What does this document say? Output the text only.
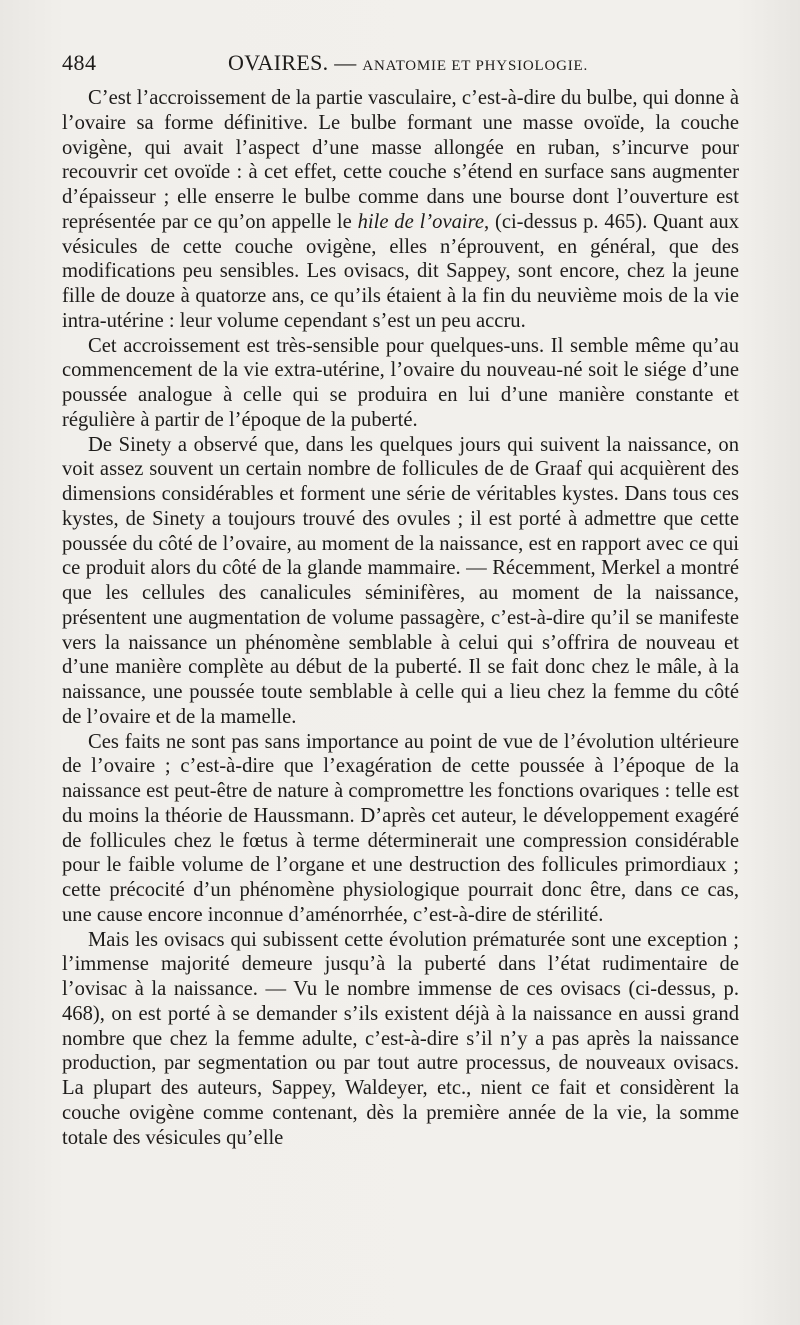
484	OVAIRES. — ANATOMIE ET PHYSIOLOGIE.

C’est l’accroissement de la partie vasculaire, c’est-à-dire du bulbe, qui donne à l’ovaire sa forme définitive. Le bulbe formant une masse ovoïde, la couche ovigène, qui avait l’aspect d’une masse allongée en ruban, s’incurve pour recouvrir cet ovoïde : à cet effet, cette couche s’étend en surface sans augmenter d’épaisseur ; elle enserre le bulbe comme dans une bourse dont l’ouverture est représentée par ce qu’on appelle le hile de l’ovaire, (ci-dessus p. 465). Quant aux vésicules de cette couche ovigène, elles n’éprouvent, en général, que des modifications peu sensibles. Les ovisacs, dit Sappey, sont encore, chez la jeune fille de douze à quatorze ans, ce qu’ils étaient à la fin du neuvième mois de la vie intra-utérine : leur volume cependant s’est un peu accru.

Cet accroissement est très-sensible pour quelques-uns. Il semble même qu’au commencement de la vie extra-utérine, l’ovaire du nouveau-né soit le siége d’une poussée analogue à celle qui se produira en lui d’une manière constante et régulière à partir de l’époque de la puberté.

De Sinety a observé que, dans les quelques jours qui suivent la naissance, on voit assez souvent un certain nombre de follicules de de Graaf qui acquièrent des dimensions considérables et forment une série de véritables kystes. Dans tous ces kystes, de Sinety a toujours trouvé des ovules ; il est porté à admettre que cette poussée du côté de l’ovaire, au moment de la naissance, est en rapport avec ce qui ce produit alors du côté de la glande mammaire. — Récemment, Merkel a montré que les cellules des canalicules séminifères, au moment de la naissance, présentent une augmentation de volume passagère, c’est-à-dire qu’il se manifeste vers la naissance un phénomène semblable à celui qui s’offrira de nouveau et d’une manière complète au début de la puberté. Il se fait donc chez le mâle, à la naissance, une poussée toute semblable à celle qui a lieu chez la femme du côté de l’ovaire et de la mamelle.

Ces faits ne sont pas sans importance au point de vue de l’évolution ultérieure de l’ovaire ; c’est-à-dire que l’exagération de cette poussée à l’époque de la naissance est peut-être de nature à compromettre les fonctions ovariques : telle est du moins la théorie de Haussmann. D’après cet auteur, le développement exagéré de follicules chez le fœtus à terme déterminerait une compression considérable pour le faible volume de l’organe et une destruction des follicules primordiaux ; cette précocité d’un phénomène physiologique pourrait donc être, dans ce cas, une cause encore inconnue d’aménorrhée, c’est-à-dire de stérilité.

Mais les ovisacs qui subissent cette évolution prématurée sont une exception ; l’immense majorité demeure jusqu’à la puberté dans l’état rudimentaire de l’ovisac à la naissance. — Vu le nombre immense de ces ovisacs (ci-dessus, p. 468), on est porté à se demander s’ils existent déjà à la naissance en aussi grand nombre que chez la femme adulte, c’est-à-dire s’il n’y a pas après la naissance production, par segmentation ou par tout autre processus, de nouveaux ovisacs. La plupart des auteurs, Sappey, Waldeyer, etc., nient ce fait et considèrent la couche ovigène comme contenant, dès la première année de la vie, la somme totale des vésicules qu’elle
